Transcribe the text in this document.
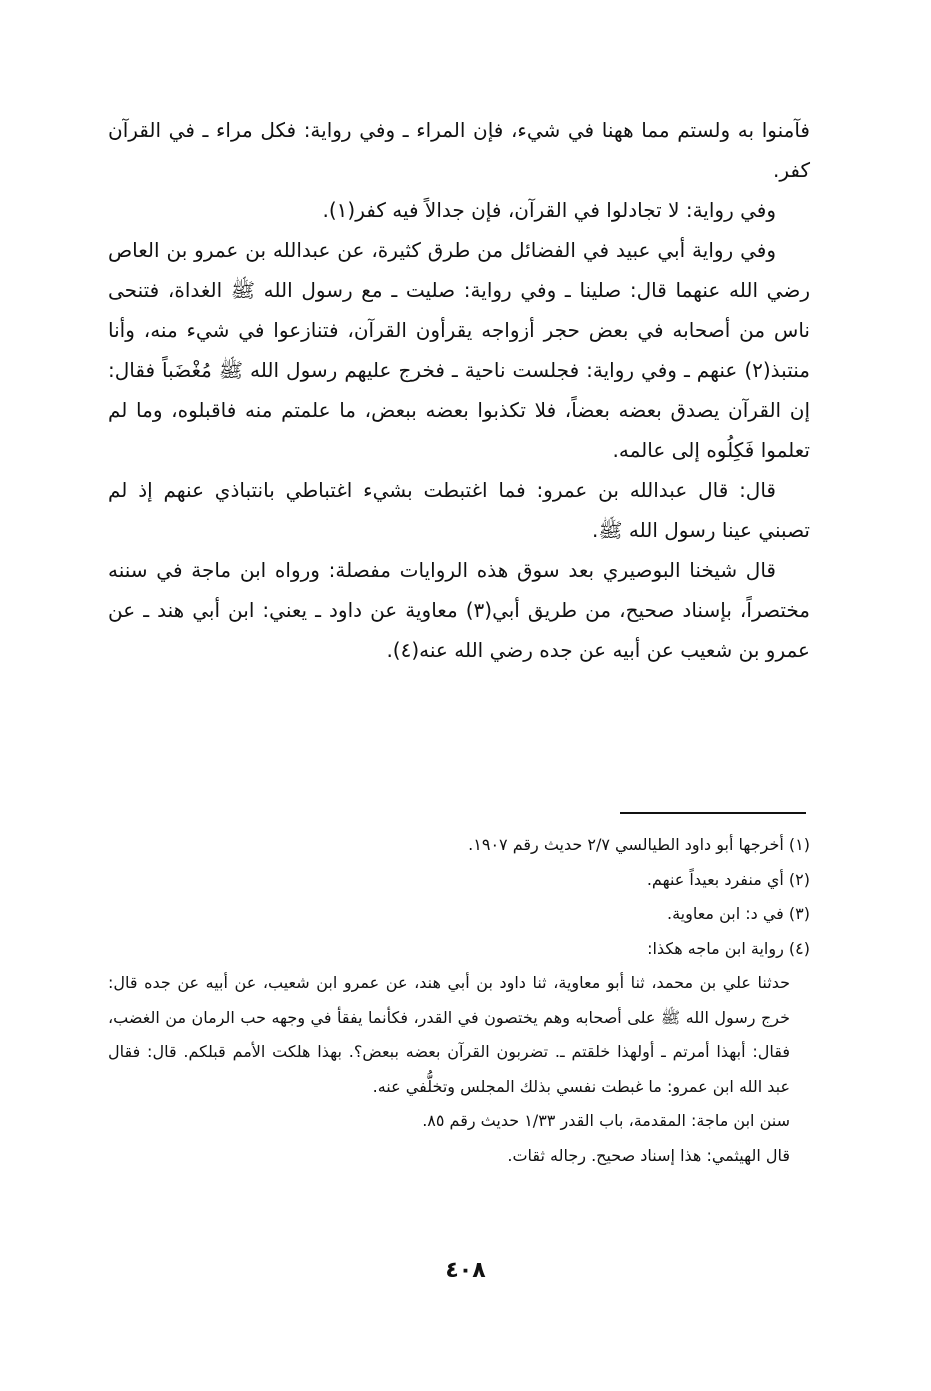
فآمنوا به ولستم مما ههنا في شيء، فإن المراء ـ وفي رواية: فكل مراء ـ في القرآن كفر.

وفي رواية: لا تجادلوا في القرآن، فإن جدالاً فيه كفر(١).

وفي رواية أبي عبيد في الفضائل من طرق كثيرة، عن عبدالله بن عمرو بن العاص رضي الله عنهما قال: صلينا ـ وفي رواية: صليت ـ مع رسول الله ﷺ الغداة، فتنحى ناس من أصحابه في بعض حجر أزواجه يقرأون القرآن، فتنازعوا في شيء منه، وأنا منتبذ(٢) عنهم ـ وفي رواية: فجلست ناحية ـ فخرج عليهم رسول الله ﷺ مُغْضَباً فقال: إن القرآن يصدق بعضه بعضاً، فلا تكذبوا بعضه ببعض، ما علمتم منه فاقبلوه، وما لم تعلموا فَكِلُوه إلى عالمه.

قال: قال عبدالله بن عمرو: فما اغتبطت بشيء اغتباطي بانتباذي عنهم إذ لم تصبني عينا رسول الله ﷺ.

قال شيخنا البوصيري بعد سوق هذه الروايات مفصلة: ورواه ابن ماجة في سننه مختصراً، بإسناد صحيح، من طريق أبي(٣) معاوية عن داود ـ يعني: ابن أبي هند ـ عن عمرو بن شعيب عن أبيه عن جده رضي الله عنه(٤).

(١) أخرجها أبو داود الطيالسي ٢/٧ حديث رقم ١٩٠٧.

(٢) أي منفرد بعيداً عنهم.

(٣) في د: ابن معاوية.

(٤) رواية ابن ماجه هكذا:

حدثنا علي بن محمد، ثنا أبو معاوية، ثنا داود بن أبي هند، عن عمرو ابن شعيب، عن أبيه عن جده قال: خرج رسول الله ﷺ على أصحابه وهم يختصون في القدر، فكأنما يفقأ في وجهه حب الرمان من الغضب، فقال: أبهذا أمرتم ـ أولهذا خلقتم ـ. تضربون القرآن بعضه ببعض؟. بهذا هلكت الأمم قبلكم. قال: فقال عبد الله ابن عمرو: ما غبطت نفسي بذلك المجلس وتخلُّفي عنه.

سنن ابن ماجة: المقدمة، باب القدر ١/٣٣ حديث رقم ٨٥.

قال الهيثمي: هذا إسناد صحيح. رجاله ثقات.

٤٠٨
